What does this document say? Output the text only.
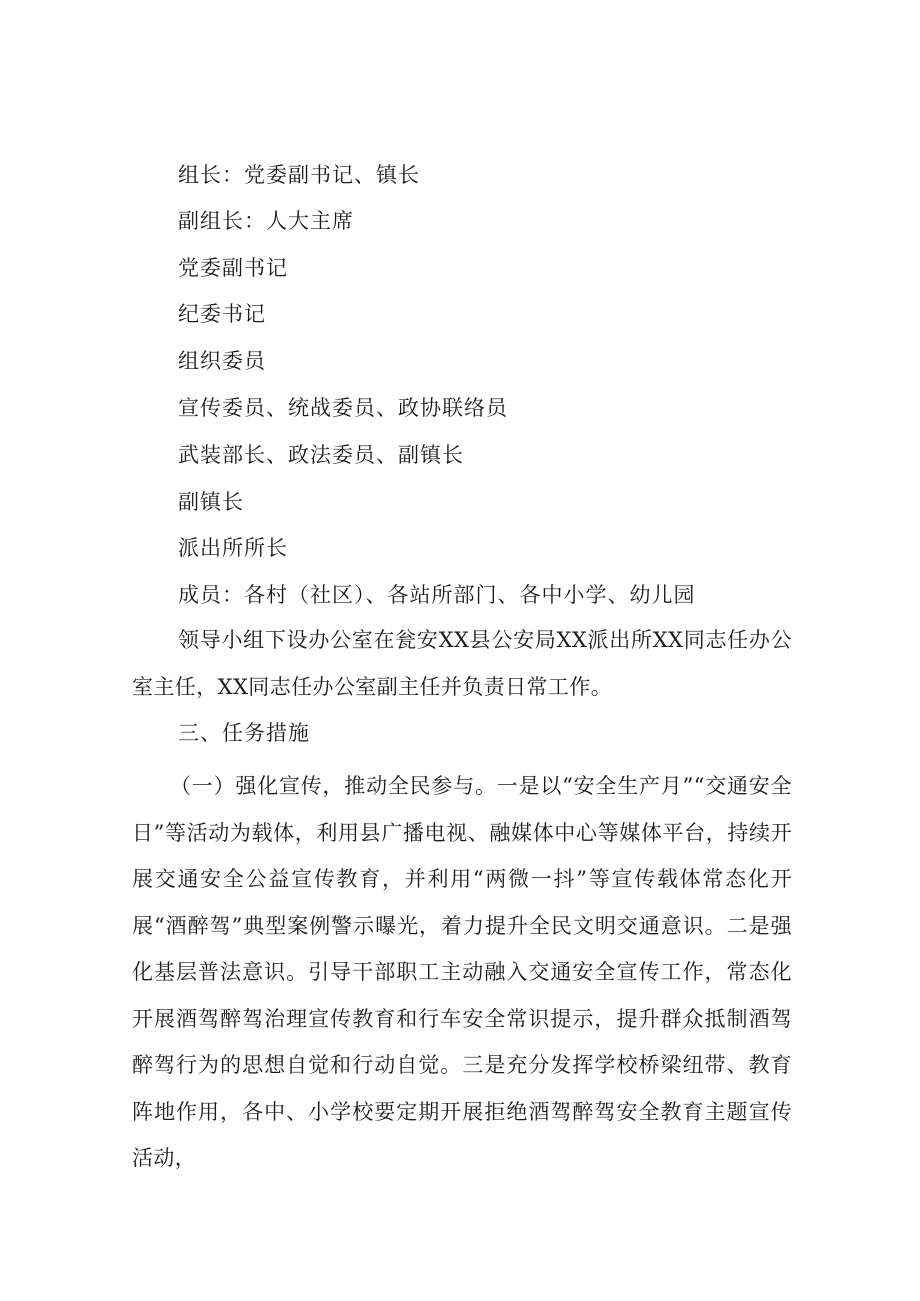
组长：党委副书记、镇长
副组长：人大主席
党委副书记
纪委书记
组织委员
宣传委员、统战委员、政协联络员
武装部长、政法委员、副镇长
副镇长
派出所所长
成员：各村（社区）、各站所部门、各中小学、幼儿园
领导小组下设办公室在瓮安XX县公安局XX派出所XX同志任办公室主任，XX同志任办公室副主任并负责日常工作。
三、任务措施
（一）强化宣传，推动全民参与。一是以“安全生产月”“交通安全日”等活动为载体，利用县广播电视、融媒体中心等媒体平台，持续开展交通安全公益宣传教育，并利用“两微一抖”等宣传载体常态化开展“酒醉驾”典型案例警示曝光，着力提升全民文明交通意识。二是强化基层普法意识。引导干部职工主动融入交通安全宣传工作，常态化开展酒驾醉驾治理宣传教育和行车安全常识提示，提升群众抵制酒驾醉驾行为的思想自觉和行动自觉。三是充分发挥学校桥梁纽带、教育阵地作用，各中、小学校要定期开展拒绝酒驾醉驾安全教育主题宣传活动，
